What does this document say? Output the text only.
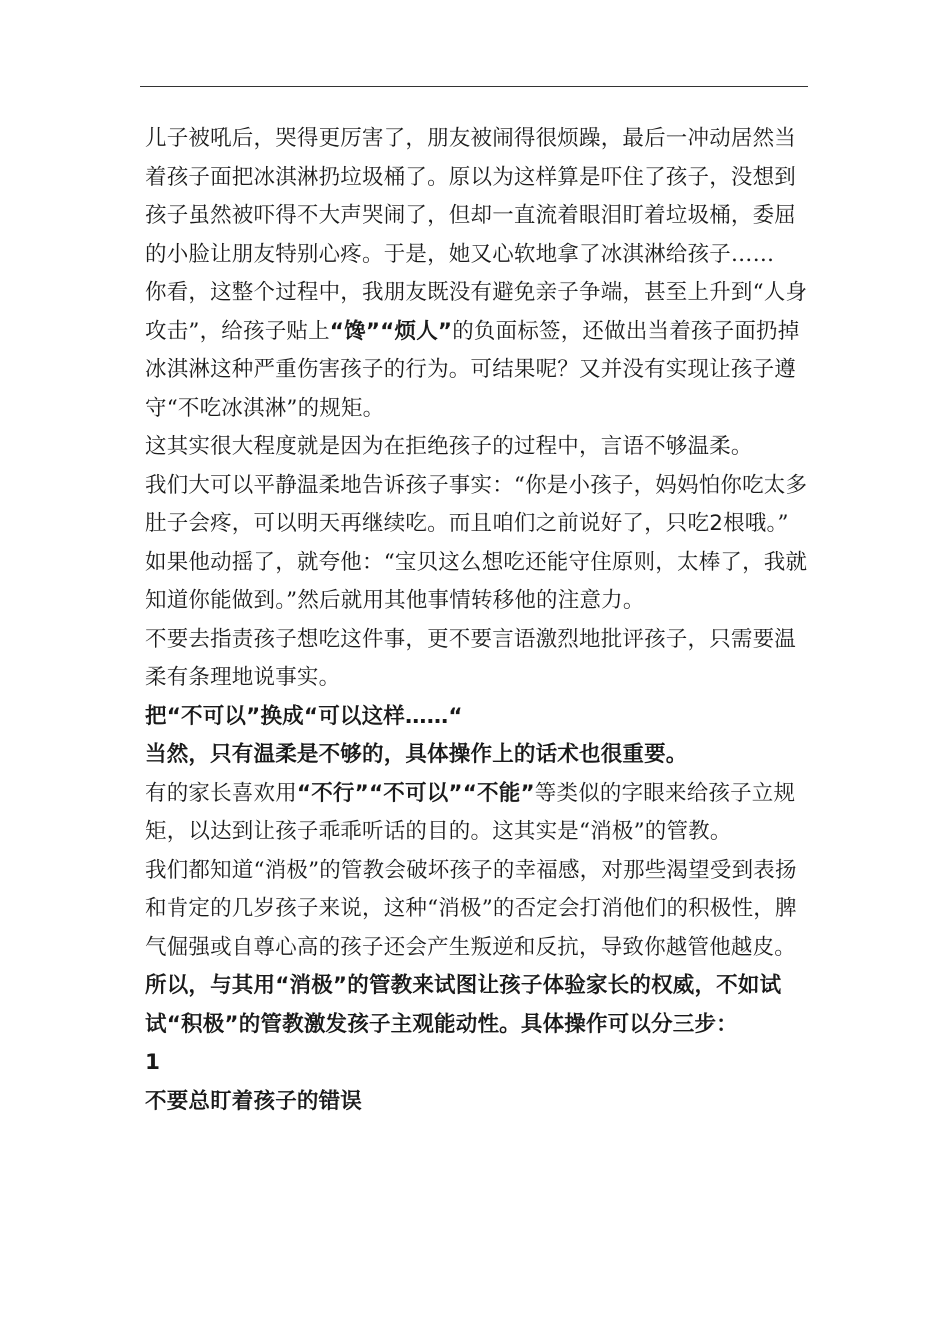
儿子被吼后，哭得更厉害了，朋友被闹得很烦躁，最后一冲动居然当着孩子面把冰淇淋扔垃圾桶了。原以为这样算是吓住了孩子，没想到孩子虽然被吓得不大声哭闹了，但却一直流着眼泪盯着垃圾桶，委屈的小脸让朋友特别心疼。于是，她又心软地拿了冰淇淋给孩子……

你看，这整个过程中，我朋友既没有避免亲子争端，甚至上升到“人身攻击”，给孩子贴上“馋”“烦人”的负面标签，还做出当着孩子面扔掉冰淇淋这种严重伤害孩子的行为。可结果呢？又并没有实现让孩子遵守“不吃冰淇淋”的规矩。

这其实很大程度就是因为在拒绝孩子的过程中，言语不够温柔。

我们大可以平静温柔地告诉孩子事实：“你是小孩子，妈妈怕你吃太多肚子会疼，可以明天再继续吃。而且咱们之前说好了，只吃2根哦。”

如果他动摇了，就夸他：“宝贝这么想吃还能守住原则，太棒了，我就知道你能做到。”然后就用其他事情转移他的注意力。

不要去指责孩子想吃这件事，更不要言语激烈地批评孩子，只需要温柔有条理地说事实。

把“不可以”换成“可以这样……“

当然，只有温柔是不够的，具体操作上的话术也很重要。

有的家长喜欢用“不行”“不可以”“不能”等类似的字眼来给孩子立规矩，以达到让孩子乖乖听话的目的。这其实是“消极”的管教。

我们都知道“消极”的管教会破坏孩子的幸福感，对那些渴望受到表扬和肯定的几岁孩子来说，这种“消极”的否定会打消他们的积极性，脾气倔强或自尊心高的孩子还会产生叛逆和反抗，导致你越管他越皮。

所以，与其用“消极”的管教来试图让孩子体验家长的权威，不如试试“积极”的管教激发孩子主观能动性。具体操作可以分三步：

1

不要总盯着孩子的错误
